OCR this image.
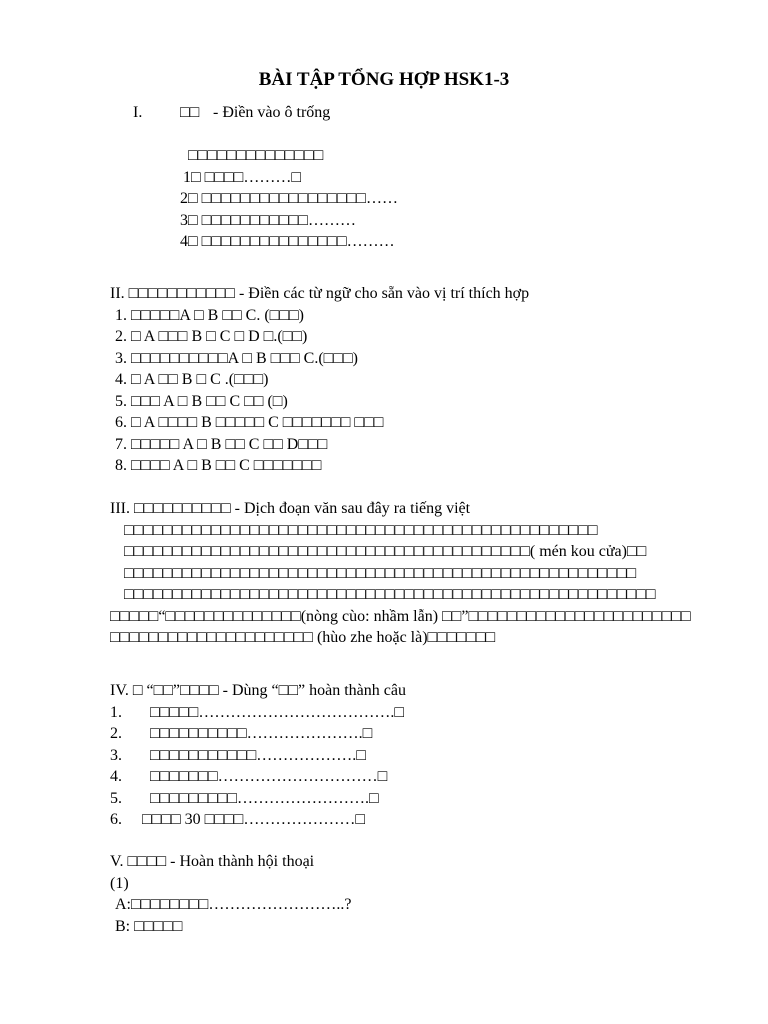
BÀI TẬP TỔNG HỢP HSK1-3
I. □□ - Điền vào ô trống
□□□□□□□□□□□□□□
1□ □□□□………□
2□ □□□□□□□□□□□□□□□□□……
3□ □□□□□□□□□□□………
4□ □□□□□□□□□□□□□□□………
II. □□□□□□□□□□□ - Điền các từ ngữ cho sẵn vào vị trí thích hợp
1. □□□□□A □ B □□ C. (□□□)
2. □ A □□□ B □ C □ D □.(□□)
3. □□□□□□□□□□A □ B □□□ C.(□□□)
4. □ A □□ B □ C .(□□□)
5. □□□ A □ B □□ C □□ (□)
6. □ A □□□□ B □□□□□ C □□□□□□□ □□□
7. □□□□□ A □ B □□ C □□ D□□□
8. □□□□ A □ B □□ C □□□□□□□
III. □□□□□□□□□□ - Dịch đoạn văn sau đây ra tiếng việt
□□□□□□□□□□□□□□□□□□□□□□□□□□□□□□□□□□□□□□□□□□□□□□□□□
□□□□□□□□□□□□□□□□□□□□□□□□□□□□□□□□□□□□□□□□□□( mén kou cửa)□□
□□□□□□□□□□□□□□□□□□□□□□□□□□□□□□□□□□□□□□□□□□□□□□□□□□□□□
□□□□□□□□□□□□□□□□□□□□□□□□□□□□□□□□□□□□□□□□□□□□□□□□□□□□□□□
□□□□□“□□□□□□□□□□□□□□(nòng cùo: nhầm lẫn) □□”□□□□□□□□□□□□□□□□□□□□□□□
□□□□□□□□□□□□□□□□□□□□□ (hùo zhe hoặc là)□□□□□□□
IV. □ “□□”□□□□ - Dùng “□□” hoàn thành câu
1. □□□□□……………………………….□
2. □□□□□□□□□□………………….□
3. □□□□□□□□□□□……………….□
4. □□□□□□□…………………………□
5. □□□□□□□□□…………………….□
6. □□□□ 30 □□□□…………………□
V. □□□□ - Hoàn thành hội thoại
(1)
A:□□□□□□□□……………………..?
B: □□□□□
